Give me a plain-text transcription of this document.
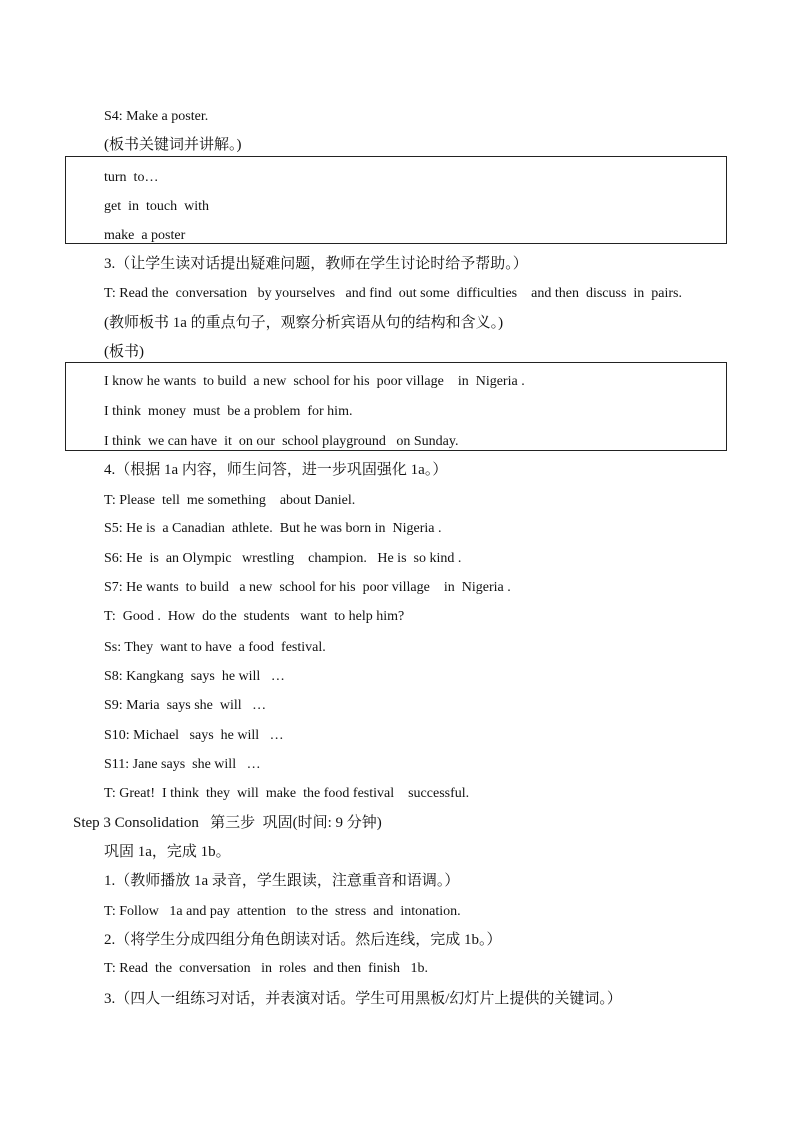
S4: Make a poster.
(板书关键词并讲解。)
turn  to…
get  in  touch  with
make  a poster
3.（让学生读对话提出疑难问题，教师在学生讨论时给予帮助。）
T: Read the  conversation   by yourselves   and find  out some  difficulties    and then  discuss  in  pairs.
(教师板书 1a 的重点句子，观察分析宾语从句的结构和含义。)
(板书)
I know he wants  to build  a new  school for his  poor village    in  Nigeria .
I think  money  must  be a problem  for him.
I think  we can have  it  on our  school playground   on Sunday.
4.（根据 1a 内容，师生问答，进一步巩固强化 1a。）
T: Please  tell  me something    about Daniel.
S5: He is  a Canadian  athlete.  But he was born in  Nigeria .
S6: He  is  an Olympic   wrestling    champion.   He is  so kind .
S7: He wants  to build   a new  school for his  poor village    in  Nigeria .
T:  Good .  How  do the  students   want  to help him?
Ss: They  want to have  a food  festival.
S8: Kangkang  says  he will   …
S9: Maria  says she  will   …
S10: Michael   says  he will   …
S11: Jane says  she will   …
T: Great!  I think  they  will  make  the food festival    successful.
Step 3 Consolidation   第三步  巩固(时间: 9 分钟)
巩固 1a，完成 1b。
1.（教师播放 1a 录音，学生跟读，注意重音和语调。）
T: Follow   1a and pay  attention   to the  stress  and  intonation.
2.（将学生分成四组分角色朗读对话。然后连线，完成 1b。）
T: Read  the  conversation   in  roles  and then  finish   1b.
3.（四人一组练习对话，并表演对话。学生可用黑板/幻灯片上提供的关键词。）
